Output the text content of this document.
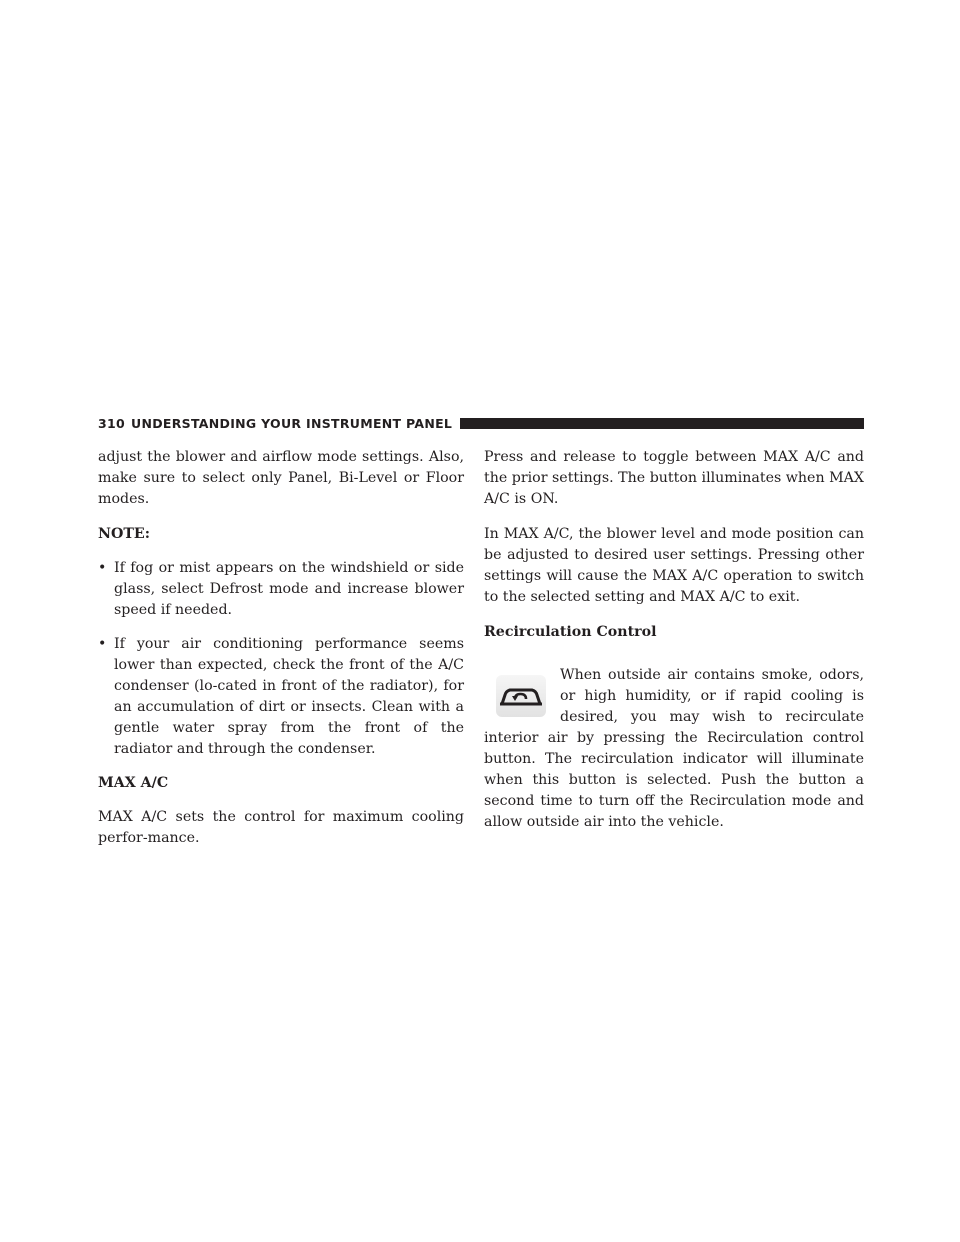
310 UNDERSTANDING YOUR INSTRUMENT PANEL

adjust the blower and airflow mode settings. Also, make sure to select only Panel, Bi-Level or Floor modes.

NOTE:

• If fog or mist appears on the windshield or side glass, select Defrost mode and increase blower speed if needed.
• If your air conditioning performance seems lower than expected, check the front of the A/C condenser (lo-cated in front of the radiator), for an accumulation of dirt or insects. Clean with a gentle water spray from the front of the radiator and through the condenser.

MAX A/C

MAX A/C sets the control for maximum cooling perfor-mance.

Press and release to toggle between MAX A/C and the prior settings. The button illuminates when MAX A/C is ON.

In MAX A/C, the blower level and mode position can be adjusted to desired user settings. Pressing other settings will cause the MAX A/C operation to switch to the selected setting and MAX A/C to exit.

Recirculation Control

When outside air contains smoke, odors, or high humidity, or if rapid cooling is desired, you may wish to recirculate interior air by pressing the Recirculation control button. The recirculation indicator will illuminate when this button is selected. Push the button a second time to turn off the Recirculation mode and allow outside air into the vehicle.
